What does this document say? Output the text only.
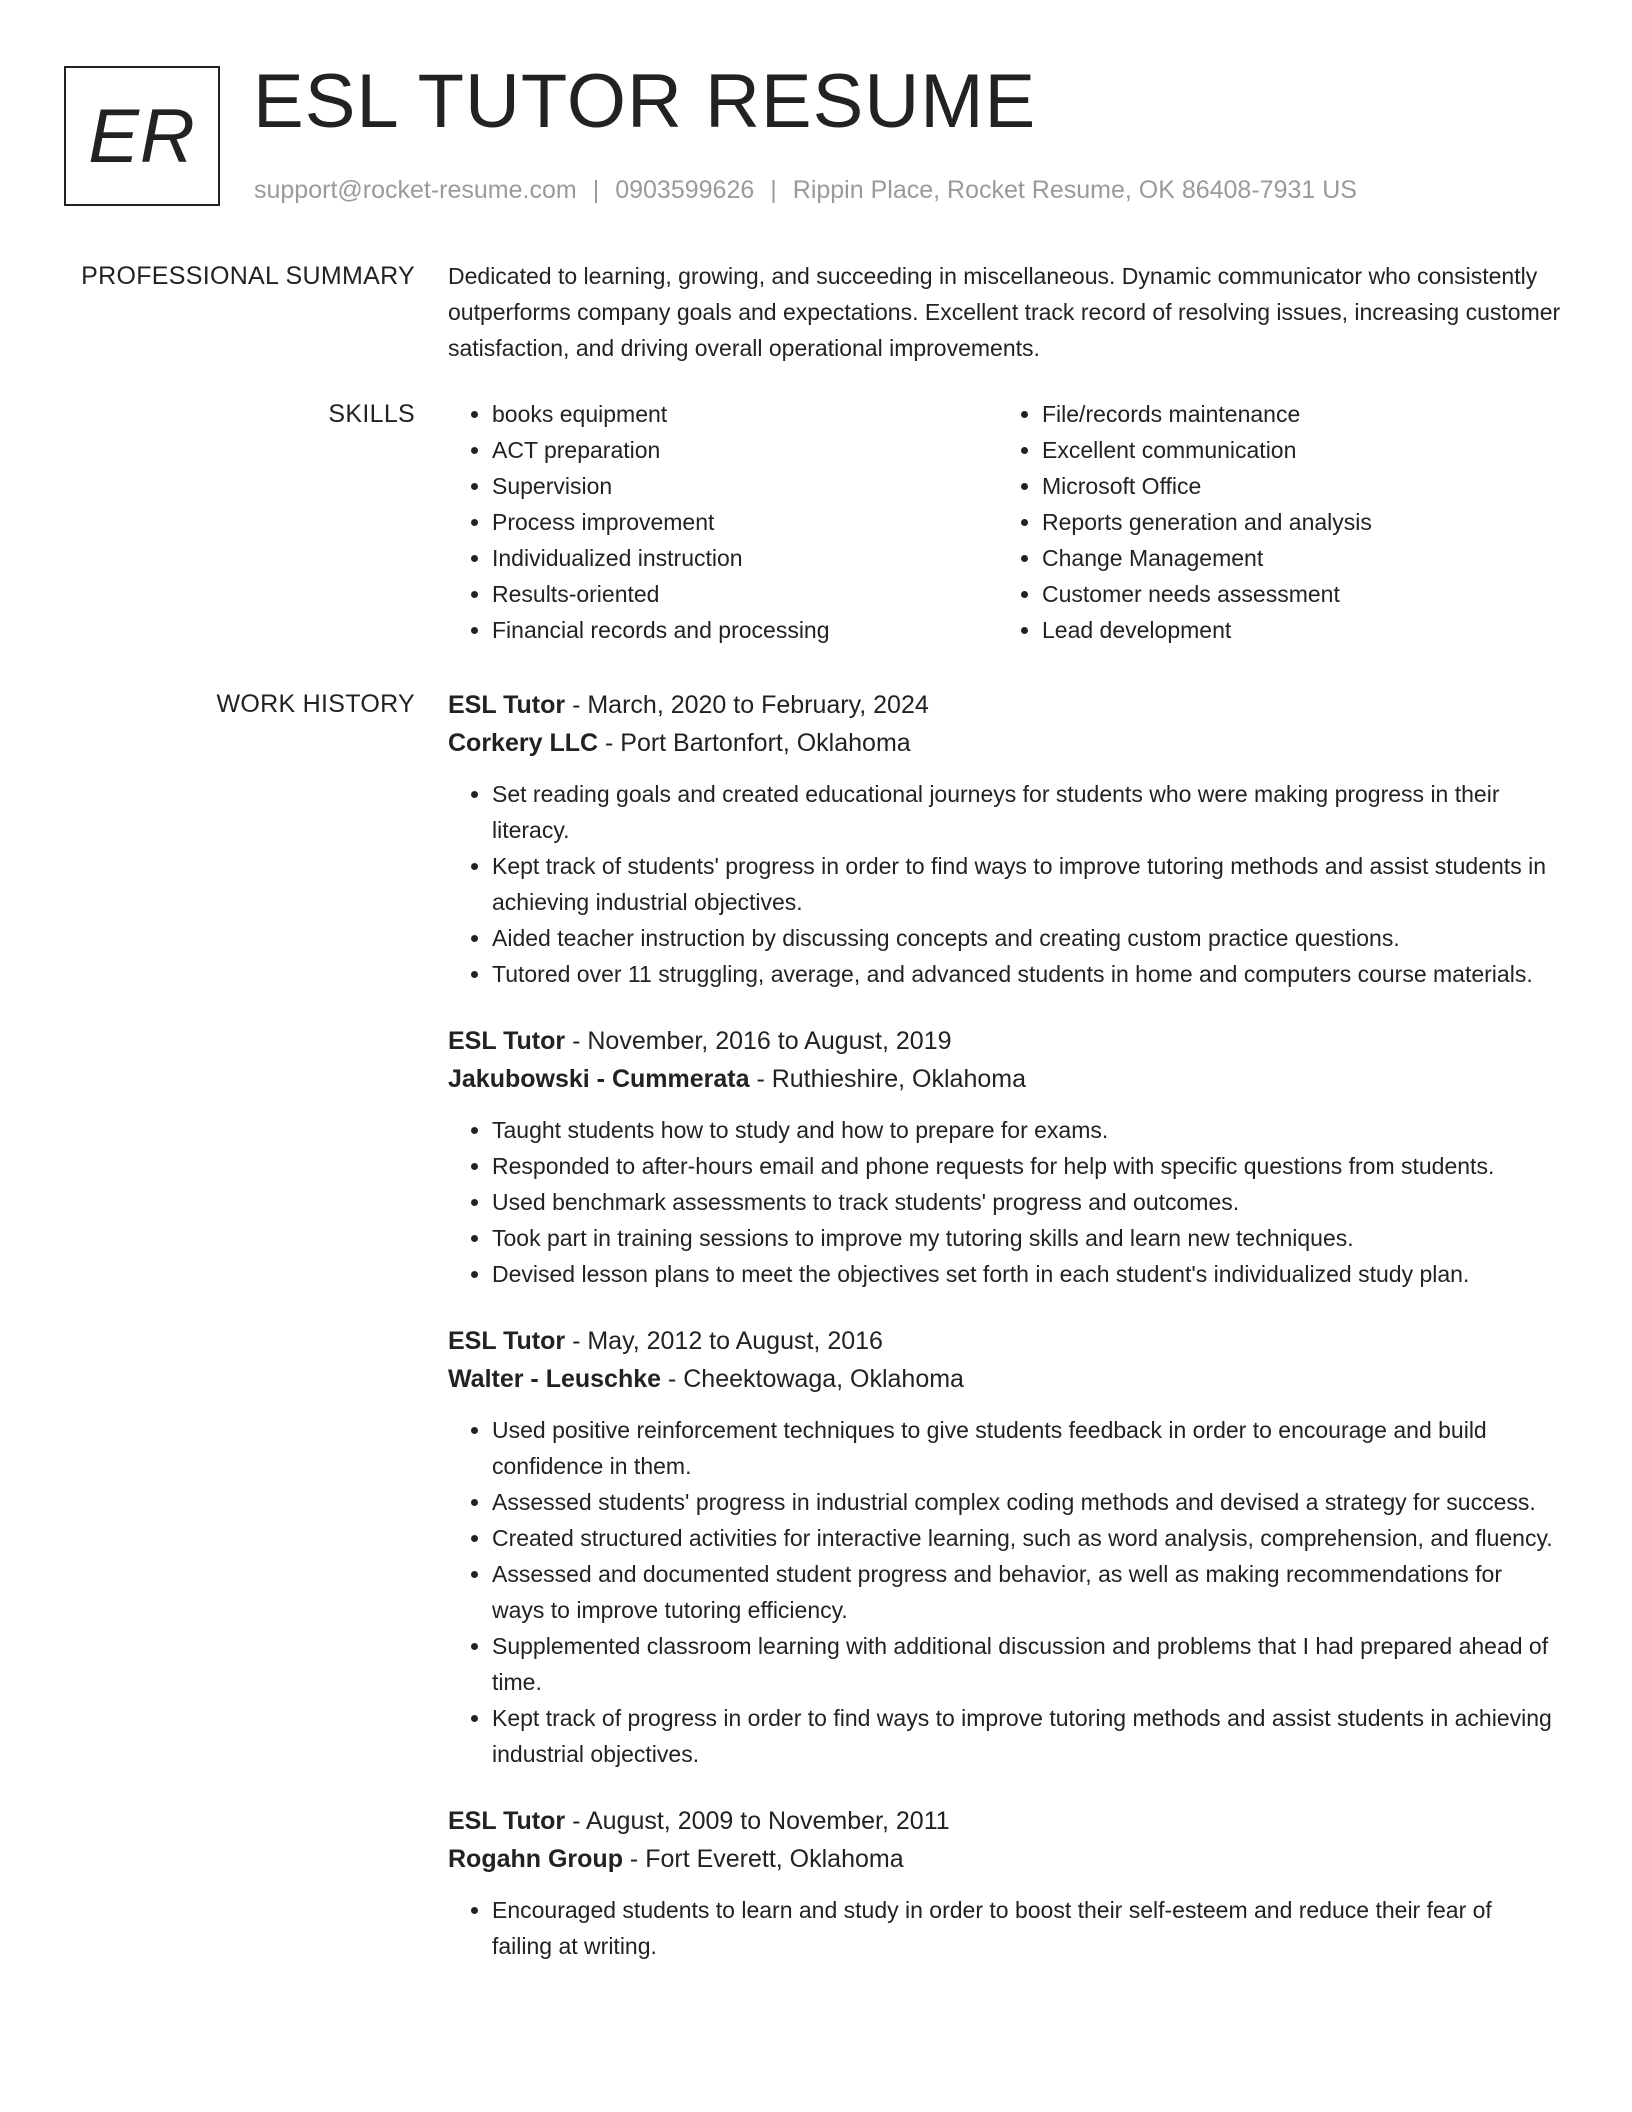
ER ESL TUTOR RESUME
support@rocket-resume.com | 0903599626 | Rippin Place, Rocket Resume, OK 86408-7931 US
PROFESSIONAL SUMMARY Dedicated to learning, growing, and succeeding in miscellaneous. Dynamic communicator who consistently outperforms company goals and expectations. Excellent track record of resolving issues, increasing customer satisfaction, and driving overall operational improvements.

SKILLS
•	books equipment
• ACT preparation
• Supervision
• Process improvement
• Individualized instruction
• Results-oriented
• Financial records and processing
• File/records maintenance
• Excellent communication
• Microsoft Office
• Reports generation and analysis
• Change Management
• Customer needs assessment
• Lead development
WORK HISTORY ESL Tutor - March, 2020 to February, 2024
Corkery LLC - Port Bartonfort, Oklahoma
• Set reading goals and created educational journeys for students who were making progress in their literacy.
• Kept track of students' progress in order to find ways to improve tutoring methods and assist students in achieving industrial objectives.
• Aided teacher instruction by discussing concepts and creating custom practice questions.
• Tutored over 11 struggling, average, and advanced students in home and computers course materials.
ESL Tutor - November, 2016 to August, 2019
Jakubowski - Cummerata - Ruthieshire, Oklahoma
• Taught students how to study and how to prepare for exams.
• Responded to after-hours email and phone requests for help with specific questions from students.
• Used benchmark assessments to track students' progress and outcomes.
• Took part in training sessions to improve my tutoring skills and learn new techniques.
• Devised lesson plans to meet the objectives set forth in each student's individualized study plan.
ESL Tutor - May, 2012 to August, 2016
Walter - Leuschke - Cheektowaga, Oklahoma
• Used positive reinforcement techniques to give students feedback in order to encourage and build confidence in them.
• Assessed students' progress in industrial complex coding methods and devised a strategy for success.
• Created structured activities for interactive learning, such as word analysis, comprehension, and fluency.
• Assessed and documented student progress and behavior, as well as making recommendations for ways to improve tutoring efficiency.
• Supplemented classroom learning with additional discussion and problems that I had prepared ahead of time.
• Kept track of progress in order to find ways to improve tutoring methods and assist students in achieving industrial objectives.
ESL Tutor - August, 2009 to November, 2011
Rogahn Group - Fort Everett, Oklahoma
• Encouraged students to learn and study in order to boost their self-esteem and reduce their fear of failing at writing.
